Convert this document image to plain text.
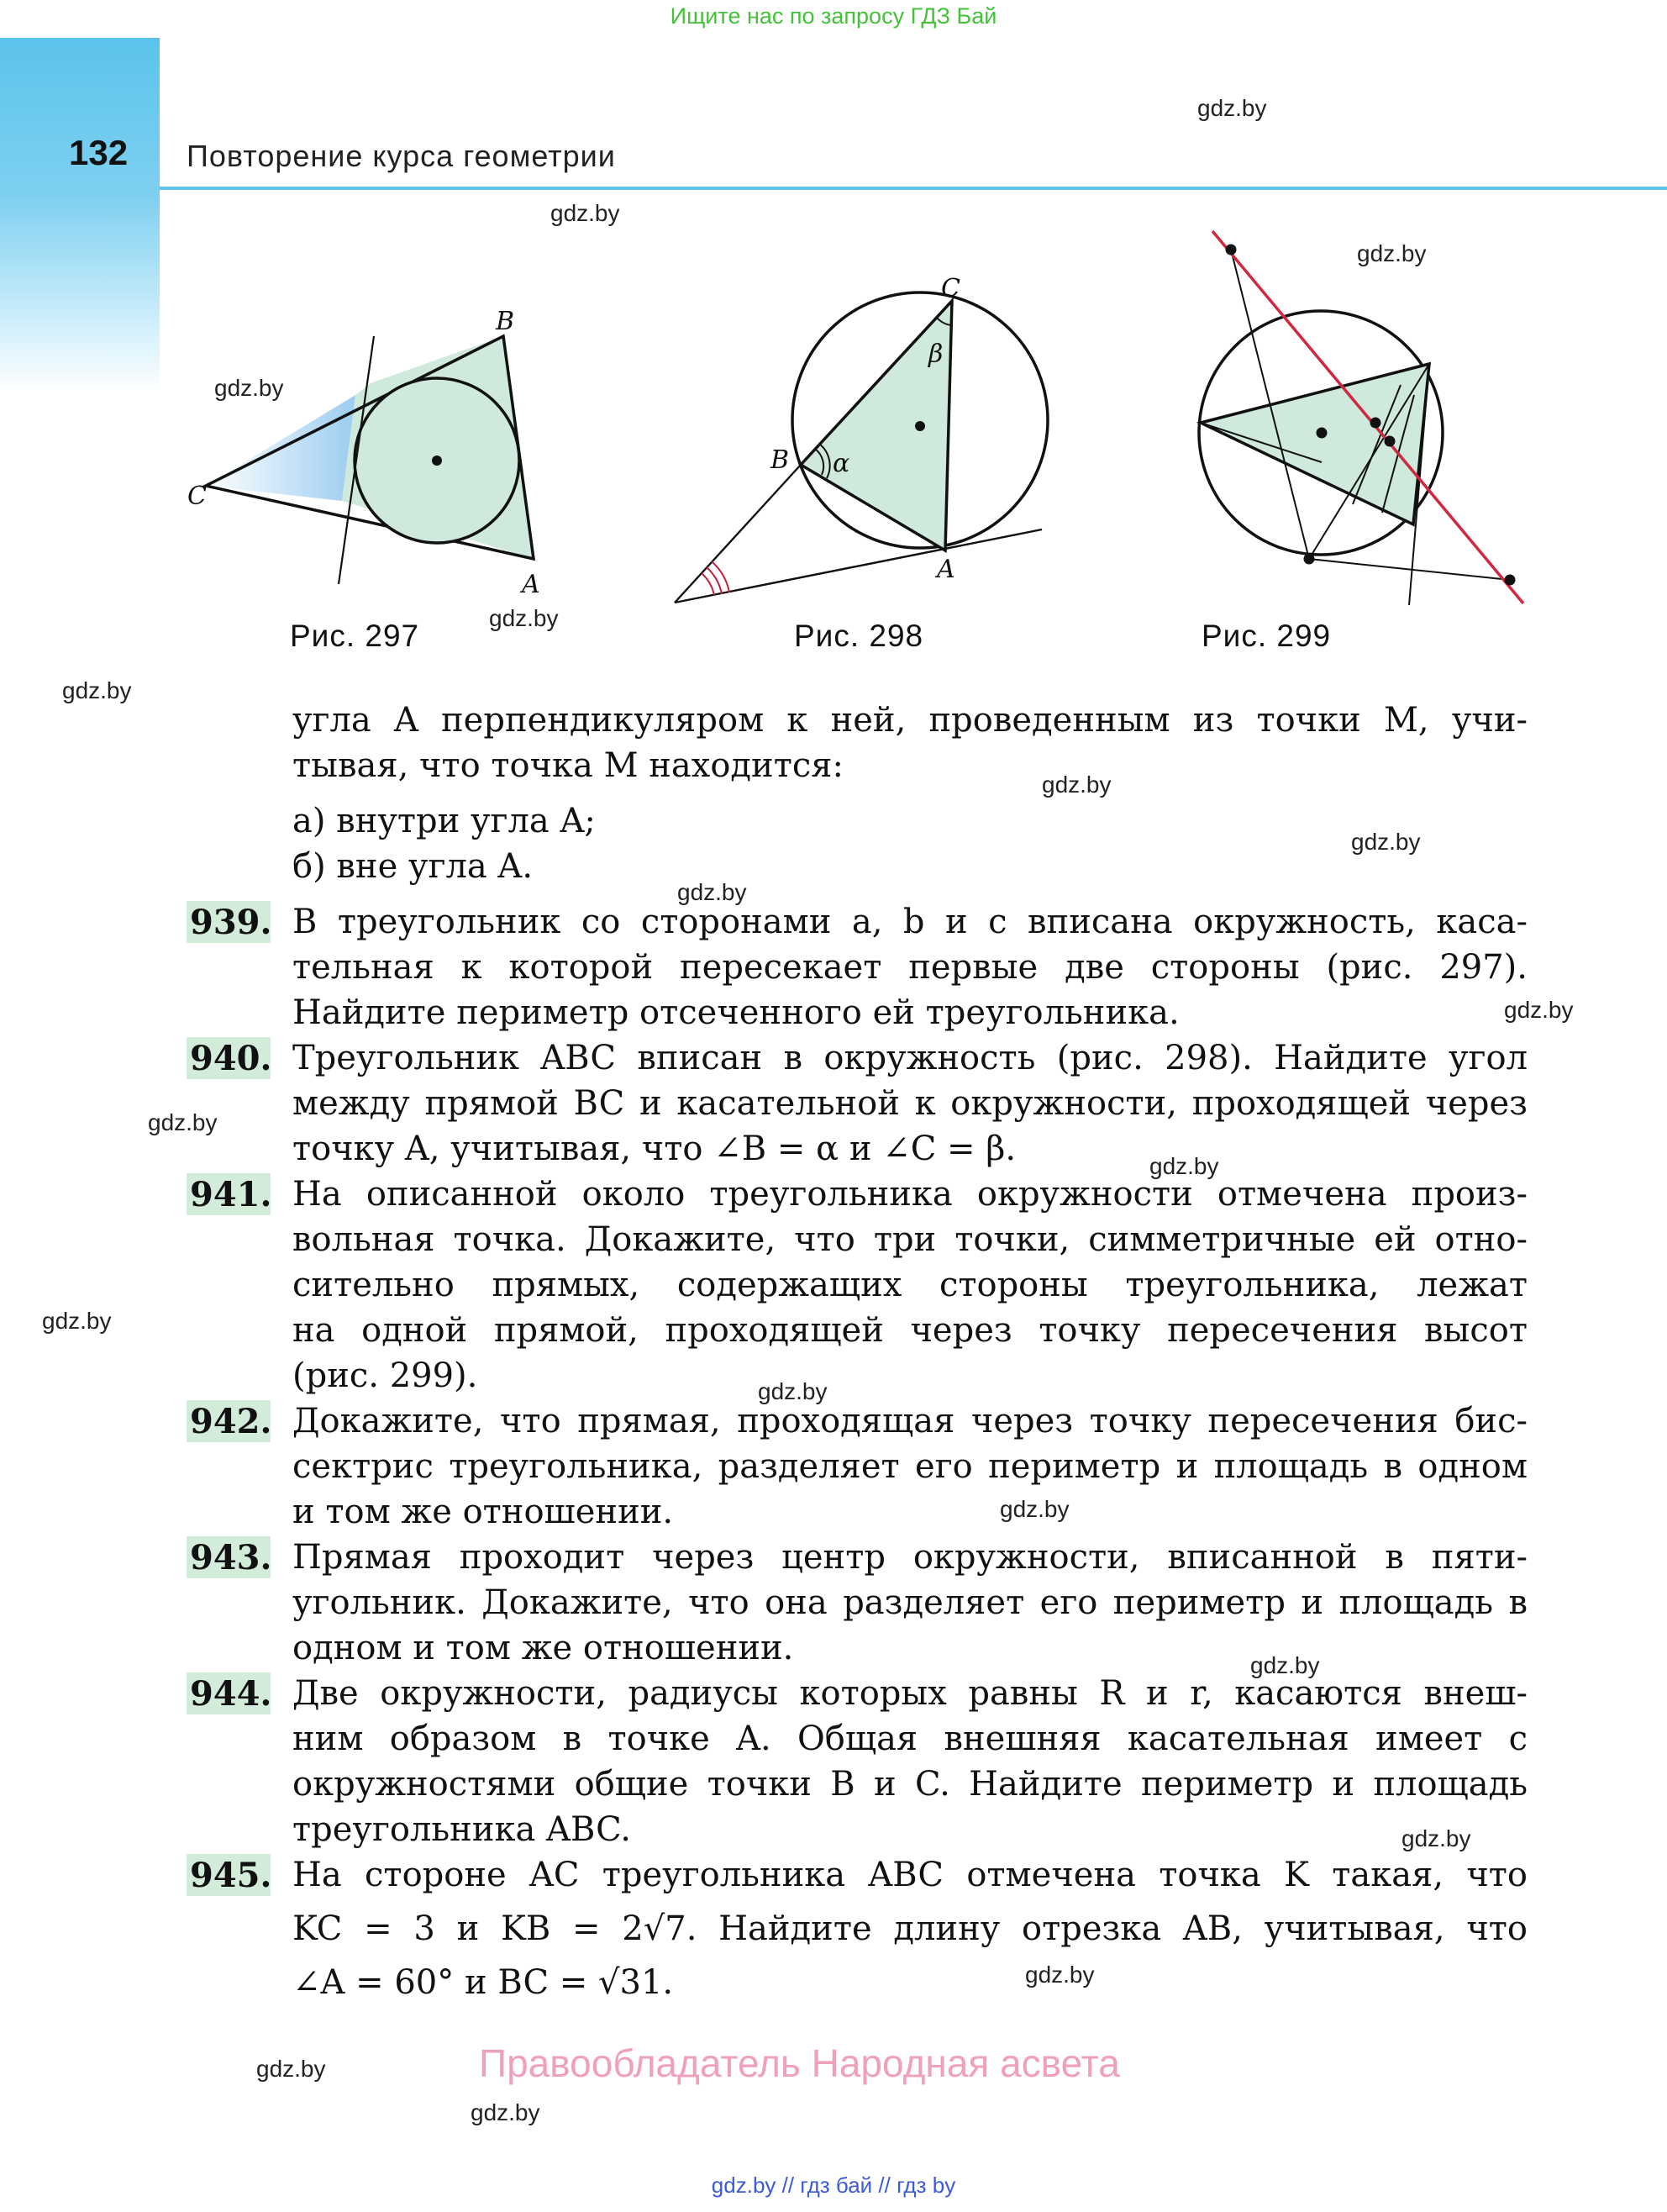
Ищите нас по запросу ГДЗ Бай
132 Повторение курса геометрии
gdz.by
gdz.by
gdz.by
gdz.by
gdz.by
gdz.by
gdz.by
gdz.by
gdz.by
gdz.by
gdz.by
gdz.by
gdz.by
gdz.by
gdz.by
gdz.by
gdz.by
gdz.by
gdz.by
gdz.by
B
C
A
Рис. 297
C
B
A
α
β
Рис. 298	Рис. 299
угла A перпендикуляром к ней, проведенным из точки M, учи-
тывая, что точка M находится:
а) внутри угла A;
б) вне угла A.
939. В треугольник со сторонами a, b и c вписана окружность, каса-
тельная к которой пересекает первые две стороны (рис. 297).
Найдите периметр отсеченного ей треугольника.
940. Треугольник ABC вписан в окружность (рис. 298). Найдите угол
между прямой BC и касательной к окружности, проходящей через
точку A, учитывая, что ∠B = α и ∠C = β.
941. На описанной около треугольника окружности отмечена произ-
вольная точка. Докажите, что три точки, симметричные ей отно-
сительно прямых, содержащих стороны треугольника, лежат
на одной прямой, проходящей через точку пересечения высот
(рис. 299).
942. Докажите, что прямая, проходящая через точку пересечения бис-
сектрис треугольника, разделяет его периметр и площадь в одном
и том же отношении.
943. Прямая проходит через центр окружности, вписанной в пяти-
угольник. Докажите, что она разделяет его периметр и площадь в
одном и том же отношении.
944. Две окружности, радиусы которых равны R и r, касаются внеш-
ним образом в точке A. Общая внешняя касательная имеет с
окружностями общие точки B и C. Найдите периметр и площадь
треугольника ABC.
945. На стороне AC треугольника ABC отмечена точка K такая, что
KC = 3 и KB = 2√7. Найдите длину отрезка AB, учитывая, что
∠A = 60° и BC = √31.
Правообладатель Народная асвета
gdz.by // гдз бай // гдз by
